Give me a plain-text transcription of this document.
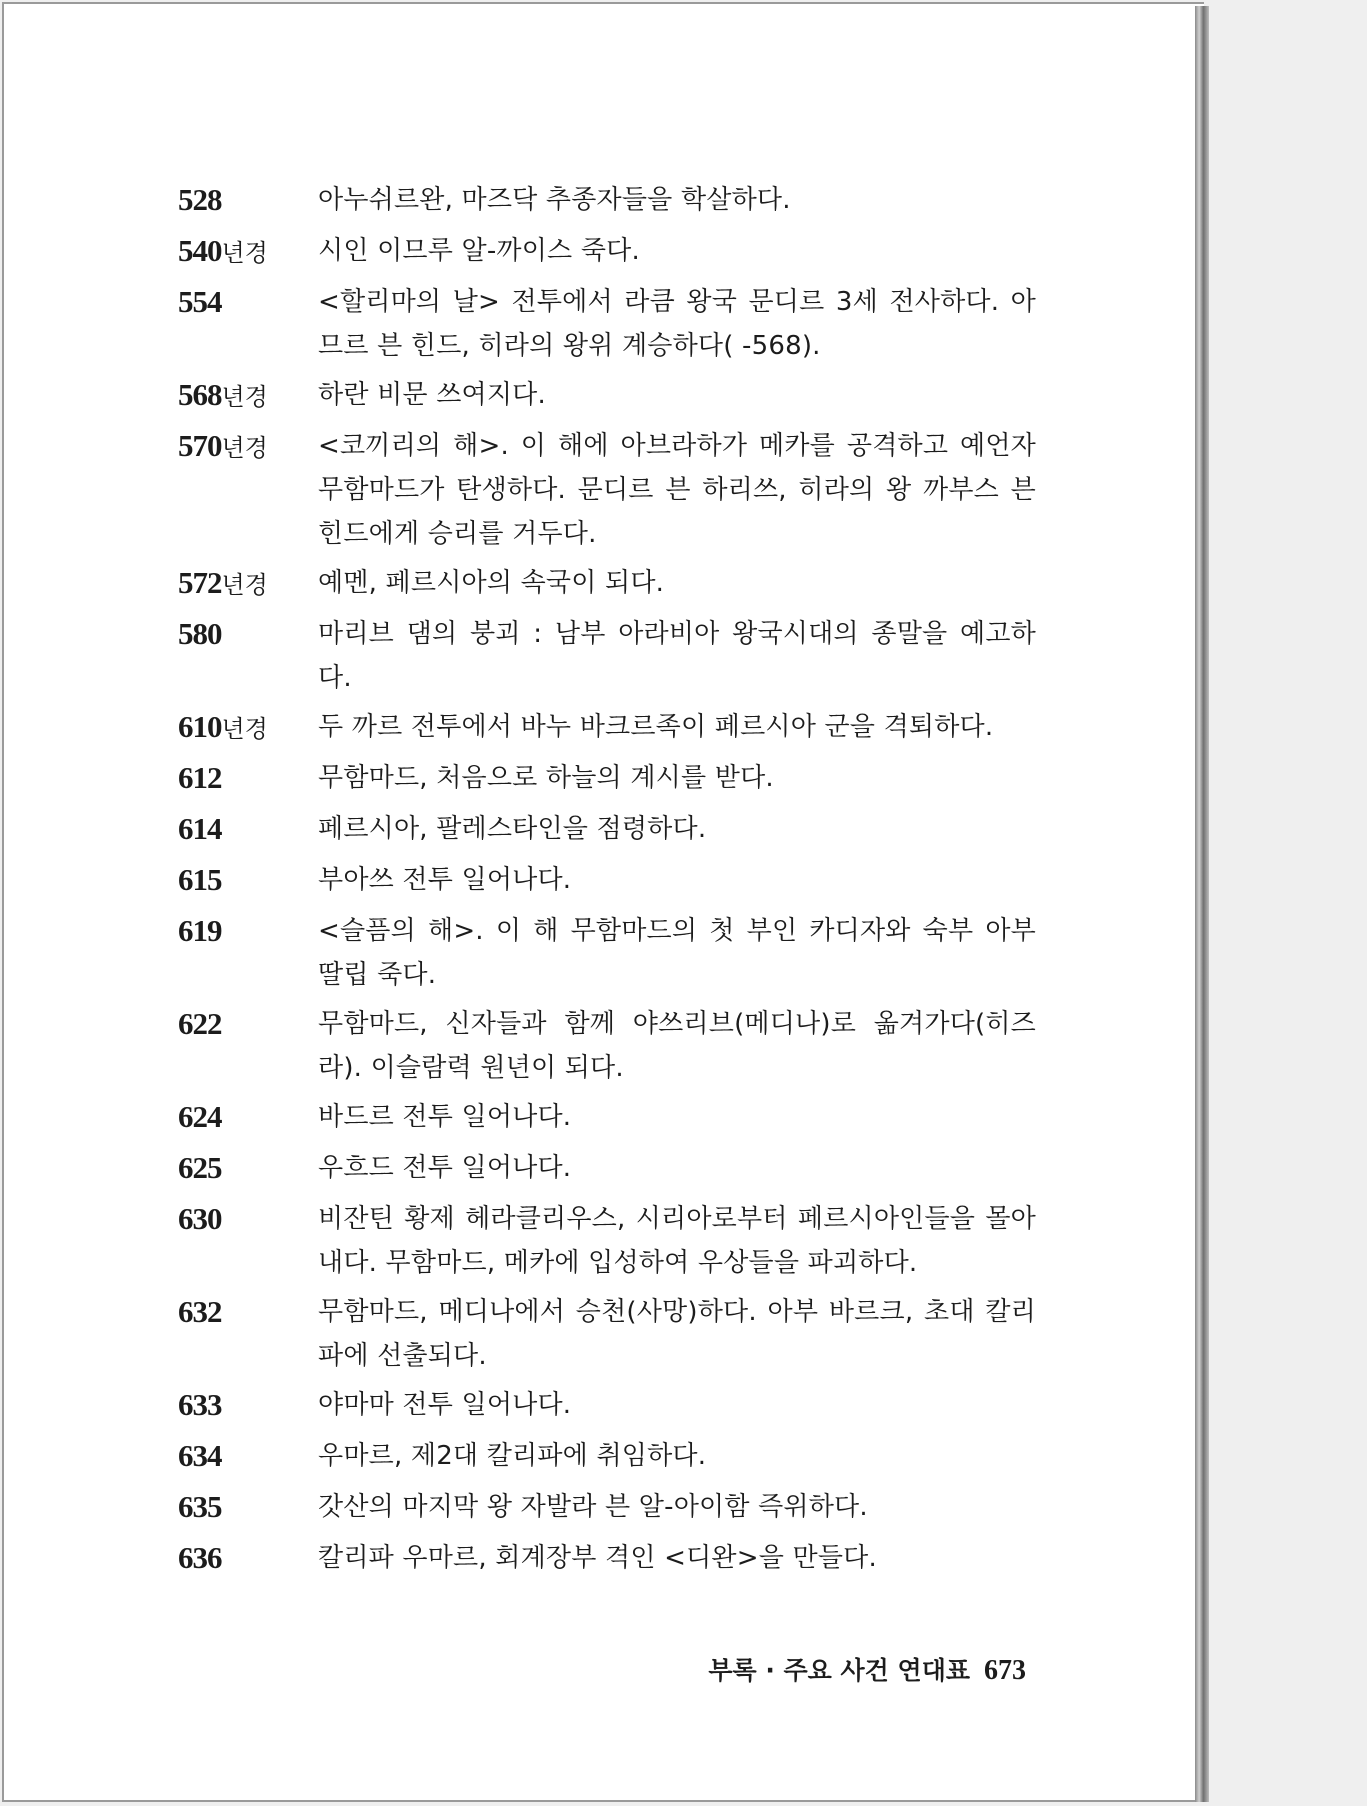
528	아누쉬르완, 마즈닥 추종자들을 학살하다.
540년경	시인 이므루 알-까이스 죽다.
554	<할리마의 날> 전투에서 라큼 왕국 문디르 3세 전사하다. 아므르 븐 힌드, 히라의 왕위 계승하다( -568).
568년경	하란 비문 쓰여지다.
570년경	<코끼리의 해>. 이 해에 아브라하가 메카를 공격하고 예언자 무함마드가 탄생하다. 문디르 븐 하리쓰, 히라의 왕 까부스 븐 힌드에게 승리를 거두다.
572년경	예멘, 페르시아의 속국이 되다.
580	마리브 댐의 붕괴 : 남부 아라비아 왕국시대의 종말을 예고하다.
610년경	두 까르 전투에서 바누 바크르족이 페르시아 군을 격퇴하다.
612	무함마드, 처음으로 하늘의 계시를 받다.
614	페르시아, 팔레스타인을 점령하다.
615	부아쓰 전투 일어나다.
619	<슬픔의 해>. 이 해 무함마드의 첫 부인 카디자와 숙부 아부 딸립 죽다.
622	무함마드, 신자들과 함께 야쓰리브(메디나)로 옮겨가다(히즈라). 이슬람력 원년이 되다.
624	바드르 전투 일어나다.
625	우흐드 전투 일어나다.
630	비잔틴 황제 헤라클리우스, 시리아로부터 페르시아인들을 몰아내다. 무함마드, 메카에 입성하여 우상들을 파괴하다.
632	무함마드, 메디나에서 승천(사망)하다. 아부 바르크, 초대 칼리파에 선출되다.
633	야마마 전투 일어나다.
634	우마르, 제2대 칼리파에 취임하다.
635	갓산의 마지막 왕 자발라 븐 알-아이함 즉위하다.
636	칼리파 우마르, 회계장부 격인 <디완>을 만들다.
부록 · 주요 사건 연대표 673
